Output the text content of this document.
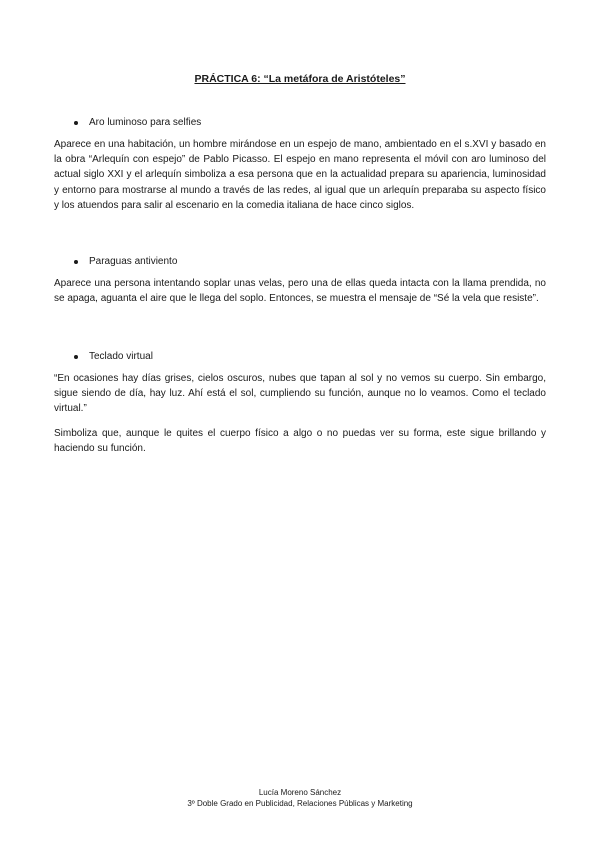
PRÁCTICA 6: “La metáfora de Aristóteles”
Aro luminoso para selfies

Aparece en una habitación, un hombre mirándose en un espejo de mano, ambientado en el s.XVI y basado en la obra “Arlequín con espejo” de Pablo Picasso. El espejo en mano representa el móvil con aro luminoso del actual siglo XXI y el arlequín simboliza a esa persona que en la actualidad prepara su apariencia, luminosidad y entorno para mostrarse al mundo a través de las redes, al igual que un arlequín preparaba su aspecto físico y los atuendos para salir al escenario en la comedia italiana de hace cinco siglos.

Paraguas antiviento

Aparece una persona intentando soplar unas velas, pero una de ellas queda intacta con la llama prendida, no se apaga, aguanta el aire que le llega del soplo. Entonces, se muestra el mensaje de “Sé la vela que resiste”.

Teclado virtual

“En ocasiones hay días grises, cielos oscuros, nubes que tapan al sol y no vemos su cuerpo. Sin embargo, sigue siendo de día, hay luz. Ahí está el sol, cumpliendo su función, aunque no lo veamos. Como el teclado virtual.”

Simboliza que, aunque le quites el cuerpo físico a algo o no puedas ver su forma, este sigue brillando y haciendo su función.

Lucía Moreno Sánchez
3º Doble Grado en Publicidad, Relaciones Públicas y Marketing
